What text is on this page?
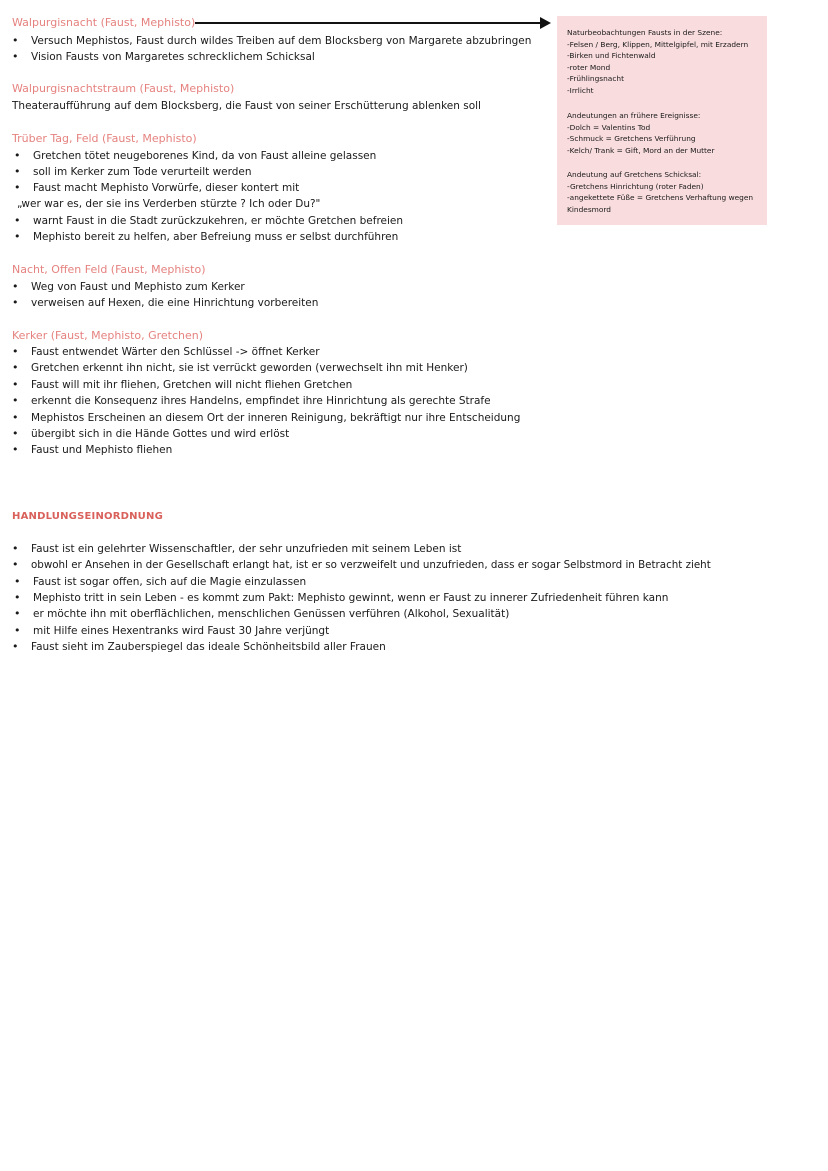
Walpurgisnacht (Faust, Mephisto)
• Versuch Mephistos, Faust durch wildes Treiben auf dem Blocksberg von Margarete abzubringen
• Vision Fausts von Margaretes schrecklichem Schicksal
Walpurgisnachtstraum (Faust, Mephisto)
Theateraufführung auf dem Blocksberg, die Faust von seiner Erschütterung ablenken soll
Trüber Tag, Feld (Faust, Mephisto)
• Gretchen tötet neugeborenes Kind, da von Faust alleine gelassen
• soll im Kerker zum Tode verurteilt werden
• Faust macht Mephisto Vorwürfe, dieser kontert mit
„wer war es, der sie ins Verderben stürzte ? Ich oder Du?"
• warnt Faust in die Stadt zurückzukehren, er möchte Gretchen befreien
• Mephisto bereit zu helfen, aber Befreiung muss er selbst durchführen
Nacht, Offen Feld (Faust, Mephisto)
• Weg von Faust und Mephisto zum Kerker
• verweisen auf Hexen, die eine Hinrichtung vorbereiten
Kerker (Faust, Mephisto, Gretchen)
• Faust entwendet Wärter den Schlüssel -> öffnet Kerker
• Gretchen erkennt ihn nicht, sie ist verrückt geworden (verwechselt ihn mit Henker)
• Faust will mit ihr fliehen, Gretchen will nicht fliehen Gretchen
• erkennt die Konsequenz ihres Handelns, empfindet ihre Hinrichtung als gerechte Strafe
• Mephistos Erscheinen an diesem Ort der inneren Reinigung, bekräftigt nur ihre Entscheidung
• übergibt sich in die Hände Gottes und wird erlöst
• Faust und Mephisto fliehen
HANDLUNGSEINORDNUNG
• Faust ist ein gelehrter Wissenschaftler, der sehr unzufrieden mit seinem Leben ist
• obwohl er Ansehen in der Gesellschaft erlangt hat, ist er so verzweifelt und unzufrieden, dass er sogar Selbstmord in Betracht zieht
• Faust ist sogar offen, sich auf die Magie einzulassen
• Mephisto tritt in sein Leben - es kommt zum Pakt: Mephisto gewinnt, wenn er Faust zu innerer Zufriedenheit führen kann
• er möchte ihn mit oberflächlichen, menschlichen Genüssen verführen (Alkohol, Sexualität)
• mit Hilfe eines Hexentranks wird Faust 30 Jahre verjüngt
• Faust sieht im Zauberspiegel das ideale Schönheitsbild aller Frauen
Naturbeobachtungen Fausts in der Szene:
-Felsen / Berg, Klippen, Mittelgipfel, mit Erzadern
-Birken und Fichtenwald
-roter Mond
-Frühlingsnacht
-Irrlicht
Andeutungen an frühere Ereignisse:
-Dolch = Valentins Tod
-Schmuck = Gretchens Verführung
-Kelch/ Trank = Gift, Mord an der Mutter
Andeutung auf Gretchens Schicksal:
-Gretchens Hinrichtung (roter Faden)
-angekettete Füße = Gretchens Verhaftung wegen
Kindesmord
